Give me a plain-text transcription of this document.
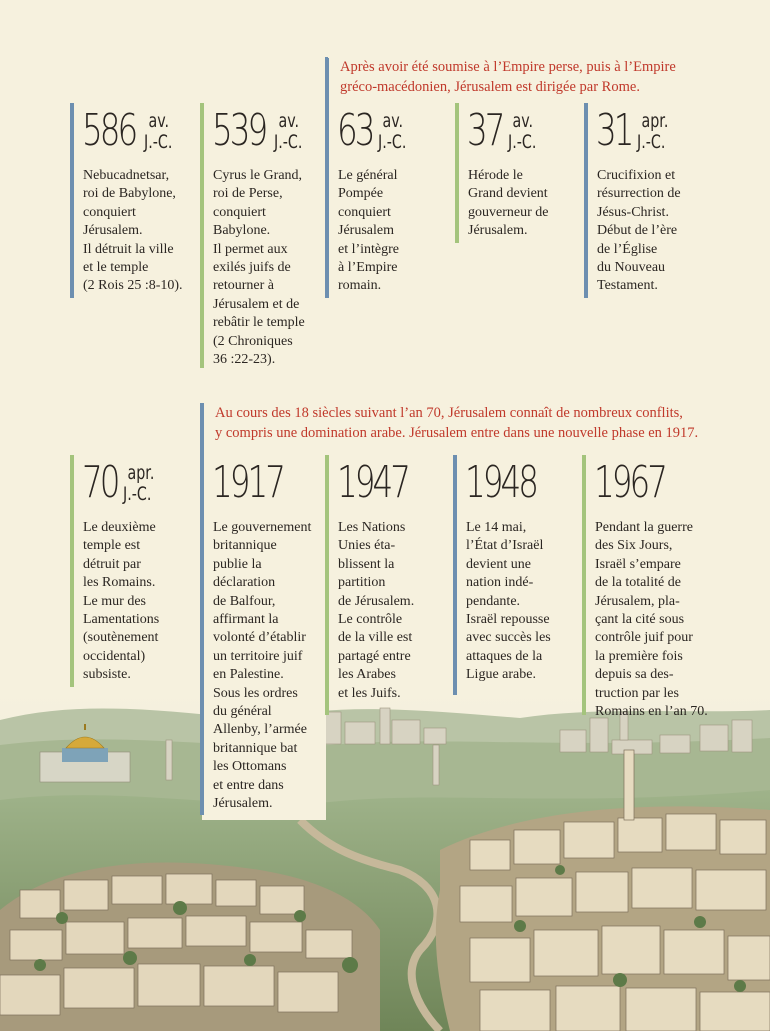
Après avoir été soumise à l’Empire perse, puis à l’Empire
gréco-macédonien, Jérusalem est dirigée par Rome.
Au cours des 18 siècles suivant l’an 70, Jérusalem connaît de nombreux conflits,
y compris une domination arabe. Jérusalem entre dans une nouvelle phase en 1917.
586 av.
J.-C.
Nebucadnetsar,
roi de Babylone,
conquiert
Jérusalem.
Il détruit la ville
et le temple
(2 Rois 25 :8-10).
539 av.
J.-C.
Cyrus le Grand,
roi de Perse,
conquiert
Babylone.
Il permet aux
exilés juifs de
retourner à
Jérusalem et de
rebâtir le temple
(2 Chroniques
36 :22-23).
63 av.
J.-C.
Le général
Pompée
conquiert
Jérusalem
et l’intègre
à l’Empire
romain.
37 av.
J.-C.
Hérode le
Grand devient
gouverneur de
Jérusalem.
31 apr.
J.-C.
Crucifixion et
résurrection de
Jésus-Christ.
Début de l’ère
de l’Église
du Nouveau
Testament.
70 apr.
J.-C.
Le deuxième
temple est
détruit par
les Romains.
Le mur des
Lamentations
(soutènement
occidental)
subsiste.
1917
Le gouvernement
britannique
publie la
déclaration
de Balfour,
affirmant la
volonté d’établir
un territoire juif
en Palestine.
Sous les ordres
du général
Allenby, l’armée
britannique bat
les Ottomans
et entre dans
Jérusalem.
1947
Les Nations
Unies éta-
blissent la
partition
de Jérusalem.
Le contrôle
de la ville est
partagé entre
les Arabes
et les Juifs.
1948
Le 14 mai,
l’État d’Israël
devient une
nation indé-
pendante.
Israël repousse
avec succès les
attaques de la
Ligue arabe.
1967
Pendant la guerre
des Six Jours,
Israël s’empare
de la totalité de
Jérusalem, pla-
çant la cité sous
contrôle juif pour
la première fois
depuis sa des-
truction par les
Romains en l’an 70.
